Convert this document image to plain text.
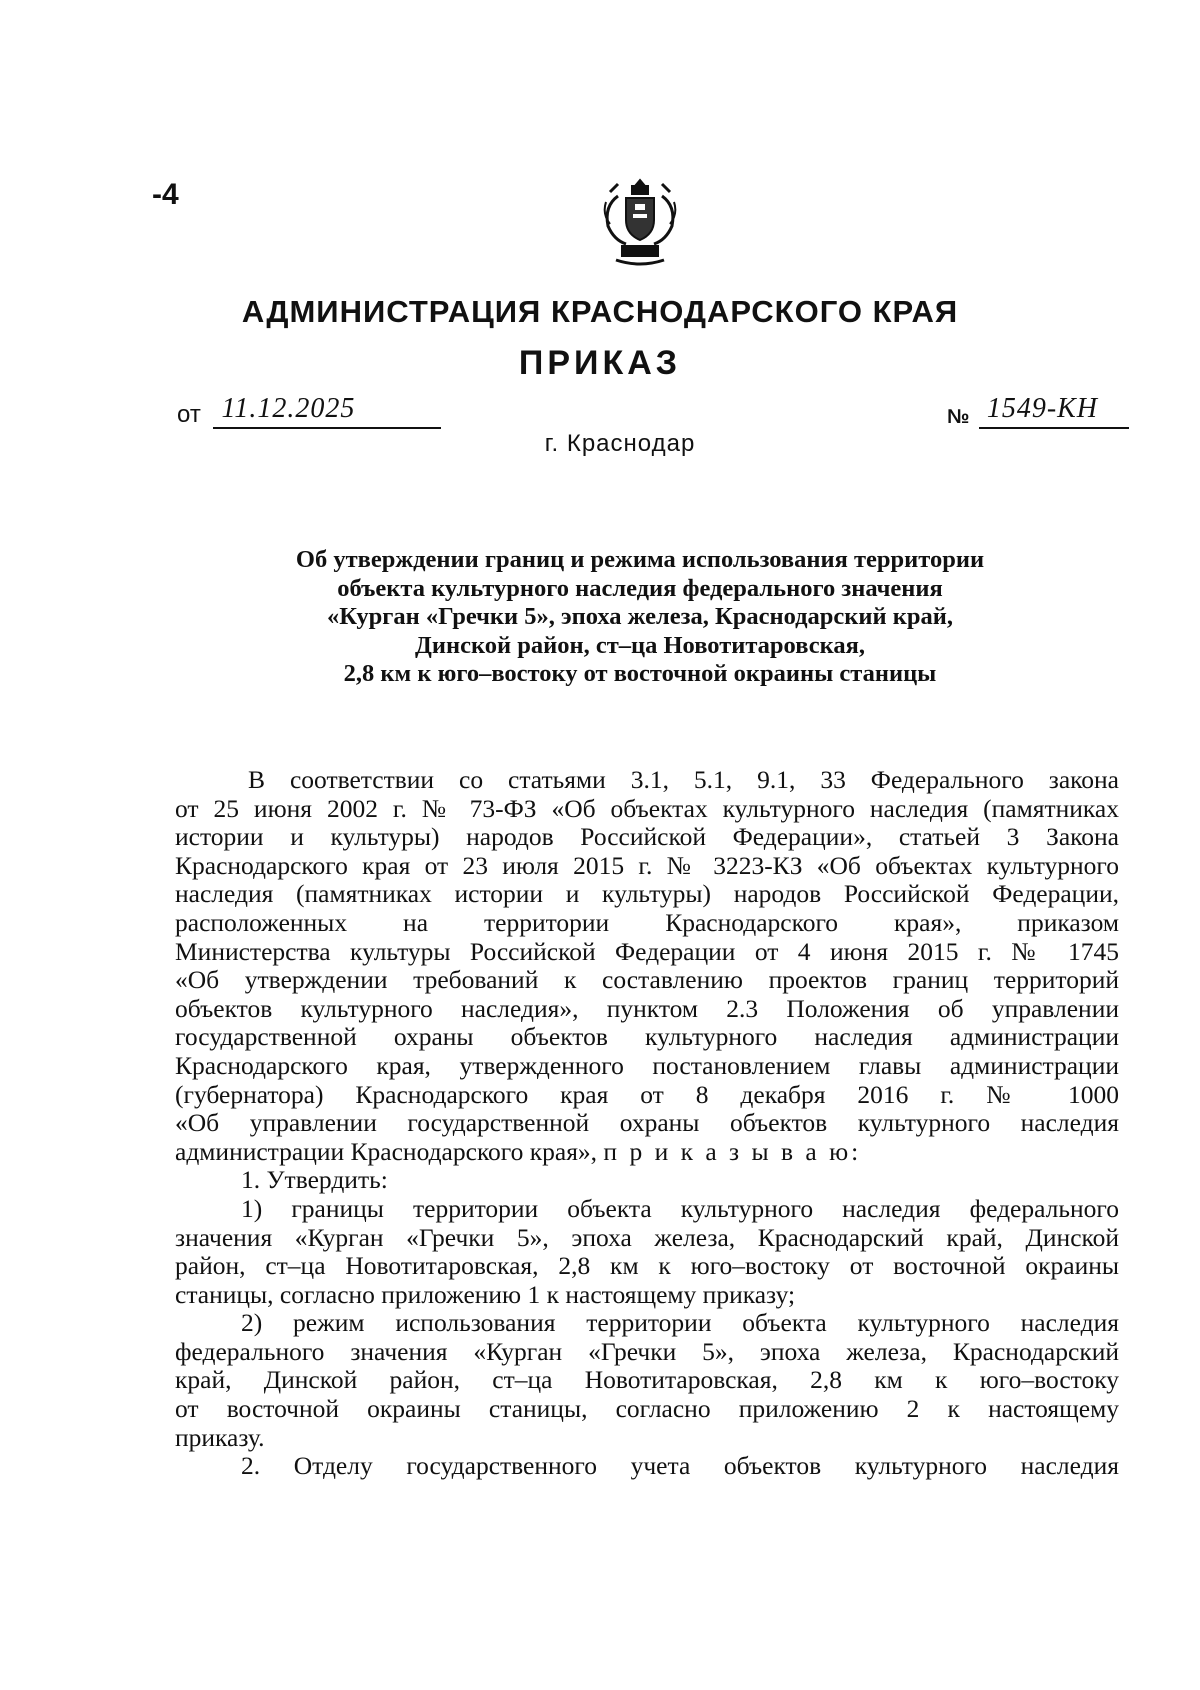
-4
АДМИНИСТРАЦИЯ КРАСНОДАРСКОГО КРАЯ
ПРИКАЗ
от 11.12.2025	№ 1549-КН
г. Краснодар
Об утверждении границ и режима использования территории
объекта культурного наследия федерального значения
«Курган «Гречки 5», эпоха железа, Краснодарский край,
Динской район, ст–ца Новотитаровская,
2,8 км к юго–востоку от восточной окраины станицы
В соответствии со статьями 3.1, 5.1, 9.1, 33 Федерального закона
от 25 июня 2002 г. № 73-ФЗ «Об объектах культурного наследия (памятниках
истории и культуры) народов Российской Федерации», статьей 3 Закона
Краснодарского края от 23 июля 2015 г. № 3223-КЗ «Об объектах культурного
наследия (памятниках истории и культуры) народов Российской Федерации,
расположенных на территории Краснодарского края», приказом
Министерства культуры Российской Федерации от 4 июня 2015 г. № 1745
«Об утверждении требований к составлению проектов границ территорий
объектов культурного наследия», пунктом 2.3 Положения об управлении
государственной охраны объектов культурного наследия администрации
Краснодарского края, утвержденного постановлением главы администрации
(губернатора) Краснодарского края от 8 декабря 2016 г. № 1000
«Об управлении государственной охраны объектов культурного наследия
администрации Краснодарского края», п р и к а з ы в а ю:
1. Утвердить:
1) границы территории объекта культурного наследия федерального
значения «Курган «Гречки 5», эпоха железа, Краснодарский край, Динской
район, ст–ца Новотитаровская, 2,8 км к юго–востоку от восточной окраины
станицы, согласно приложению 1 к настоящему приказу;
2) режим использования территории объекта культурного наследия
федерального значения «Курган «Гречки 5», эпоха железа, Краснодарский
край, Динской район, ст–ца Новотитаровская, 2,8 км к юго–востоку
от восточной окраины станицы, согласно приложению 2 к настоящему
приказу.
2. Отделу государственного учета объектов культурного наследия
